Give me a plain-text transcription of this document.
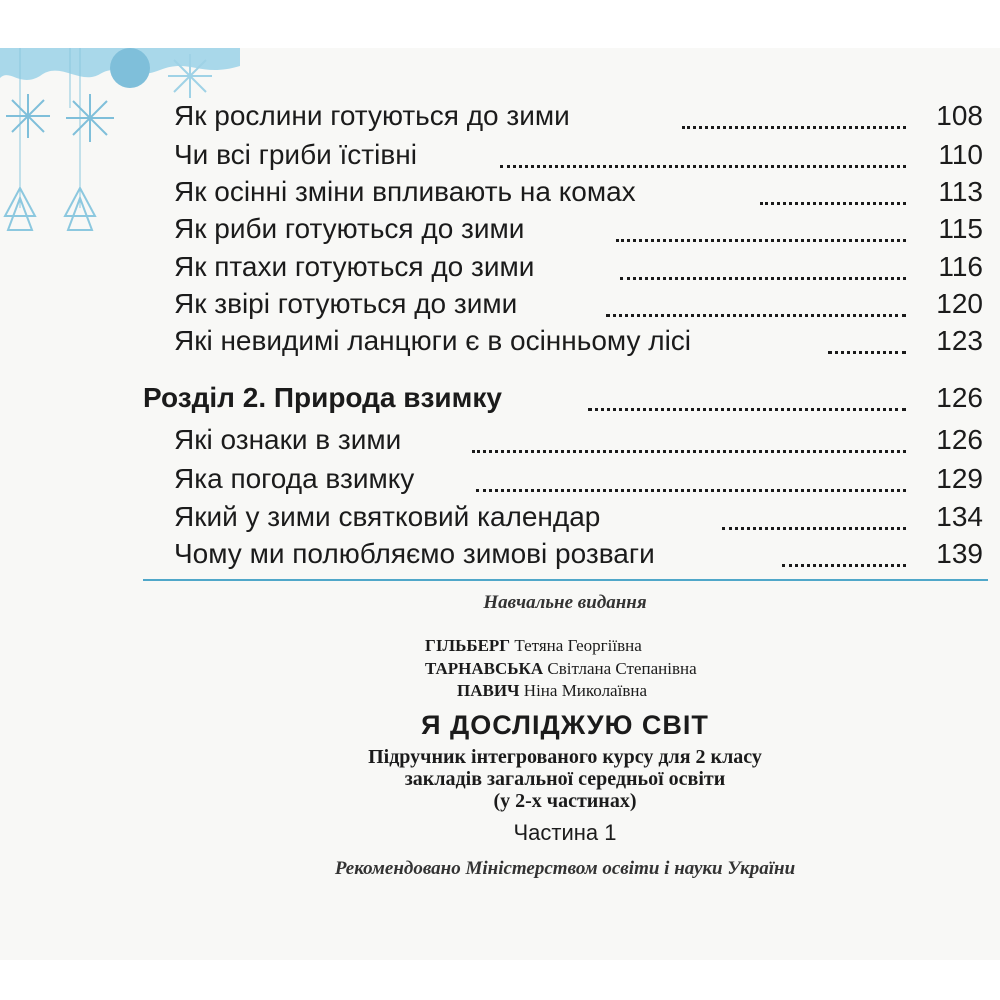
Як рослини готуються до зими	108
Чи всі гриби їстівні	110
Як осінні зміни впливають на комах	113
Як риби готуються до зими	115
Як птахи готуються до зими	116
Як звірі готуються до зими	120
Які невидимі ланцюги є в осінньому лісі	123
Розділ 2. Природа взимку	126
Які ознаки в зими	126
Яка погода взимку	129
Який у зими святковий календар	134
Чому ми полюбляємо зимові розваги	139
Навчальне видання
ГІЛЬБЕРГ Тетяна Георгіївна
ТАРНАВСЬКА Світлана Степанівна
ПАВИЧ Ніна Миколаївна
Я ДОСЛІДЖУЮ СВІТ
Підручник інтегрованого курсу для 2 класу
закладів загальної середньої освіти
(у 2-х частинах)
Частина 1
Рекомендовано Міністерством освіти і науки України
